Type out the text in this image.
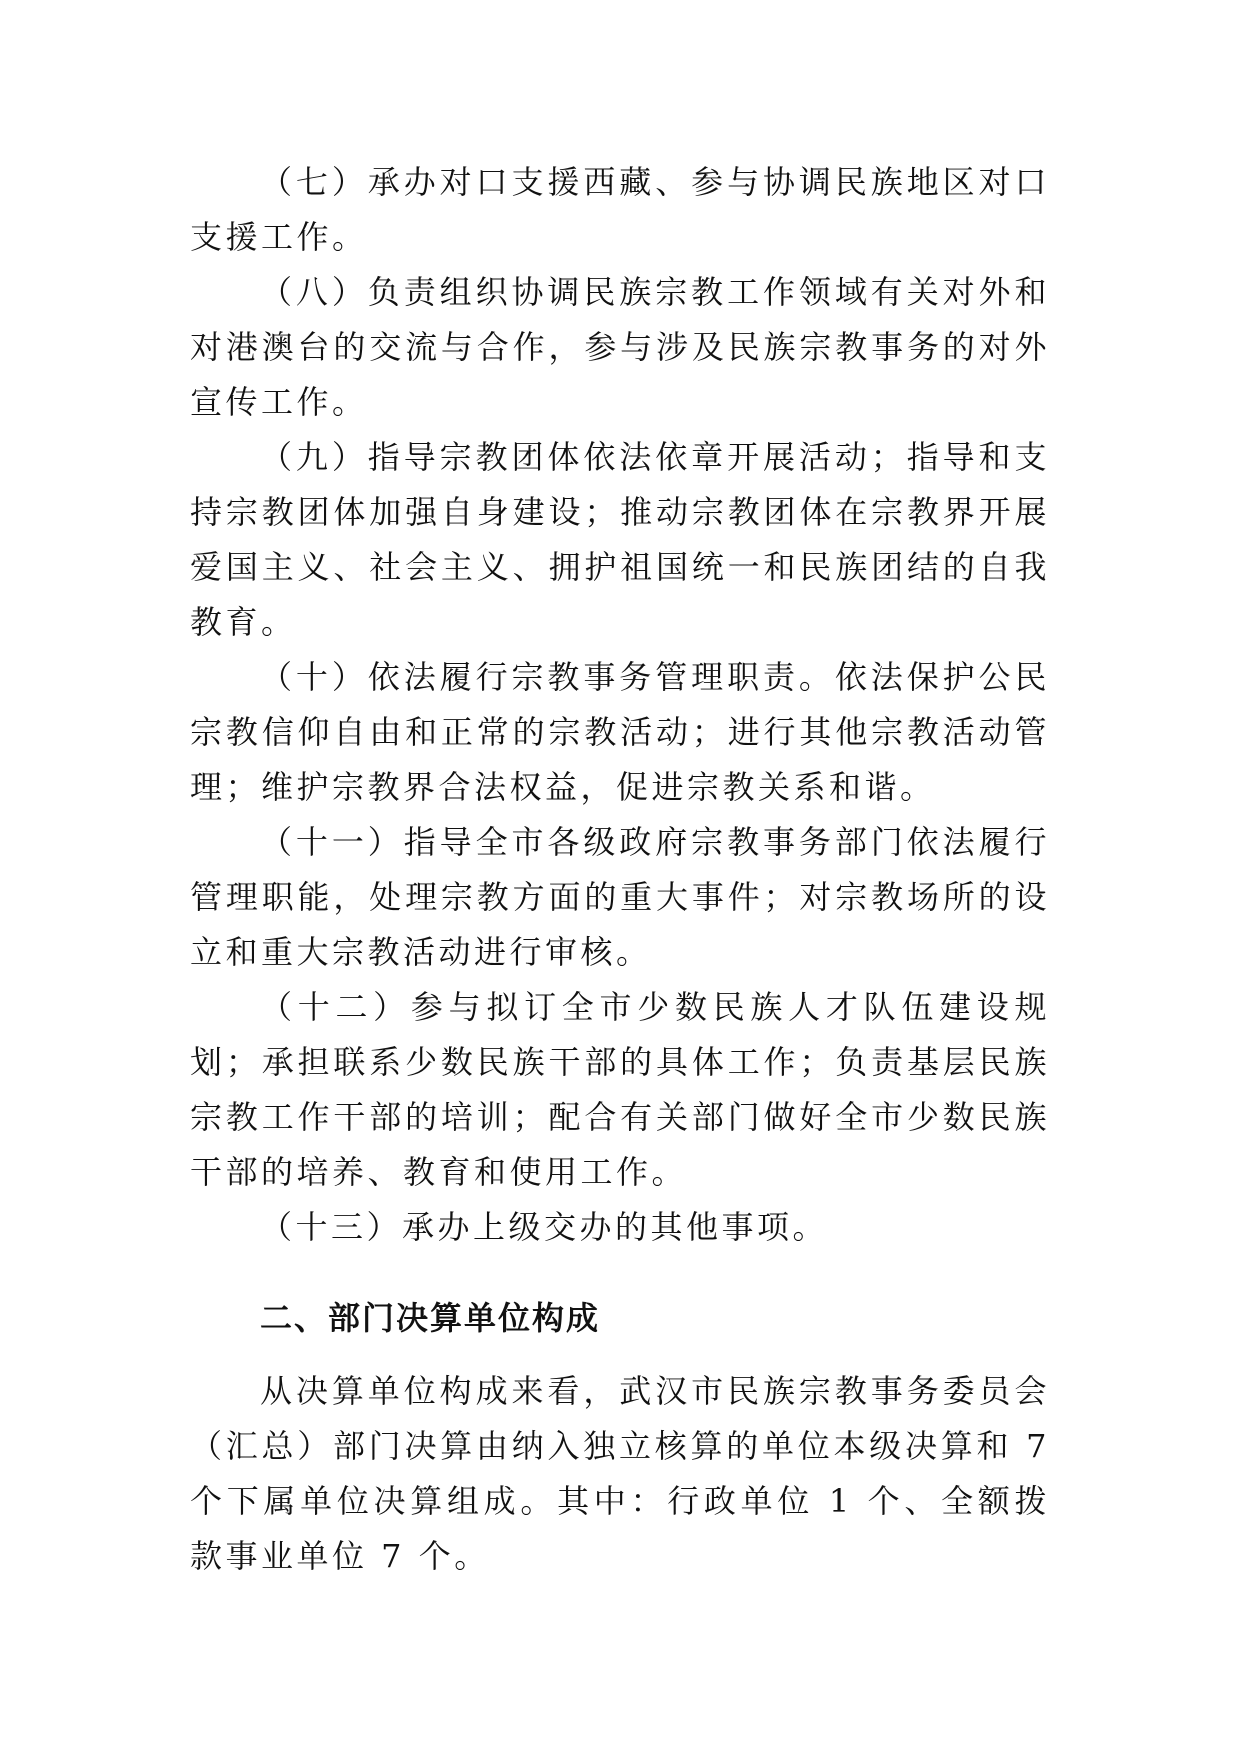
（七）承办对口支援西藏、参与协调民族地区对口支援工作。

（八）负责组织协调民族宗教工作领域有关对外和对港澳台的交流与合作，参与涉及民族宗教事务的对外宣传工作。

（九）指导宗教团体依法依章开展活动；指导和支持宗教团体加强自身建设；推动宗教团体在宗教界开展爱国主义、社会主义、拥护祖国统一和民族团结的自我教育。

（十）依法履行宗教事务管理职责。依法保护公民宗教信仰自由和正常的宗教活动；进行其他宗教活动管理；维护宗教界合法权益，促进宗教关系和谐。

（十一）指导全市各级政府宗教事务部门依法履行管理职能，处理宗教方面的重大事件；对宗教场所的设立和重大宗教活动进行审核。

（十二）参与拟订全市少数民族人才队伍建设规划；承担联系少数民族干部的具体工作；负责基层民族宗教工作干部的培训；配合有关部门做好全市少数民族干部的培养、教育和使用工作。

（十三）承办上级交办的其他事项。

二、部门决算单位构成

从决算单位构成来看，武汉市民族宗教事务委员会（汇总）部门决算由纳入独立核算的单位本级决算和 7 个下属单位决算组成。其中：行政单位 1 个、全额拨款事业单位 7 个。
